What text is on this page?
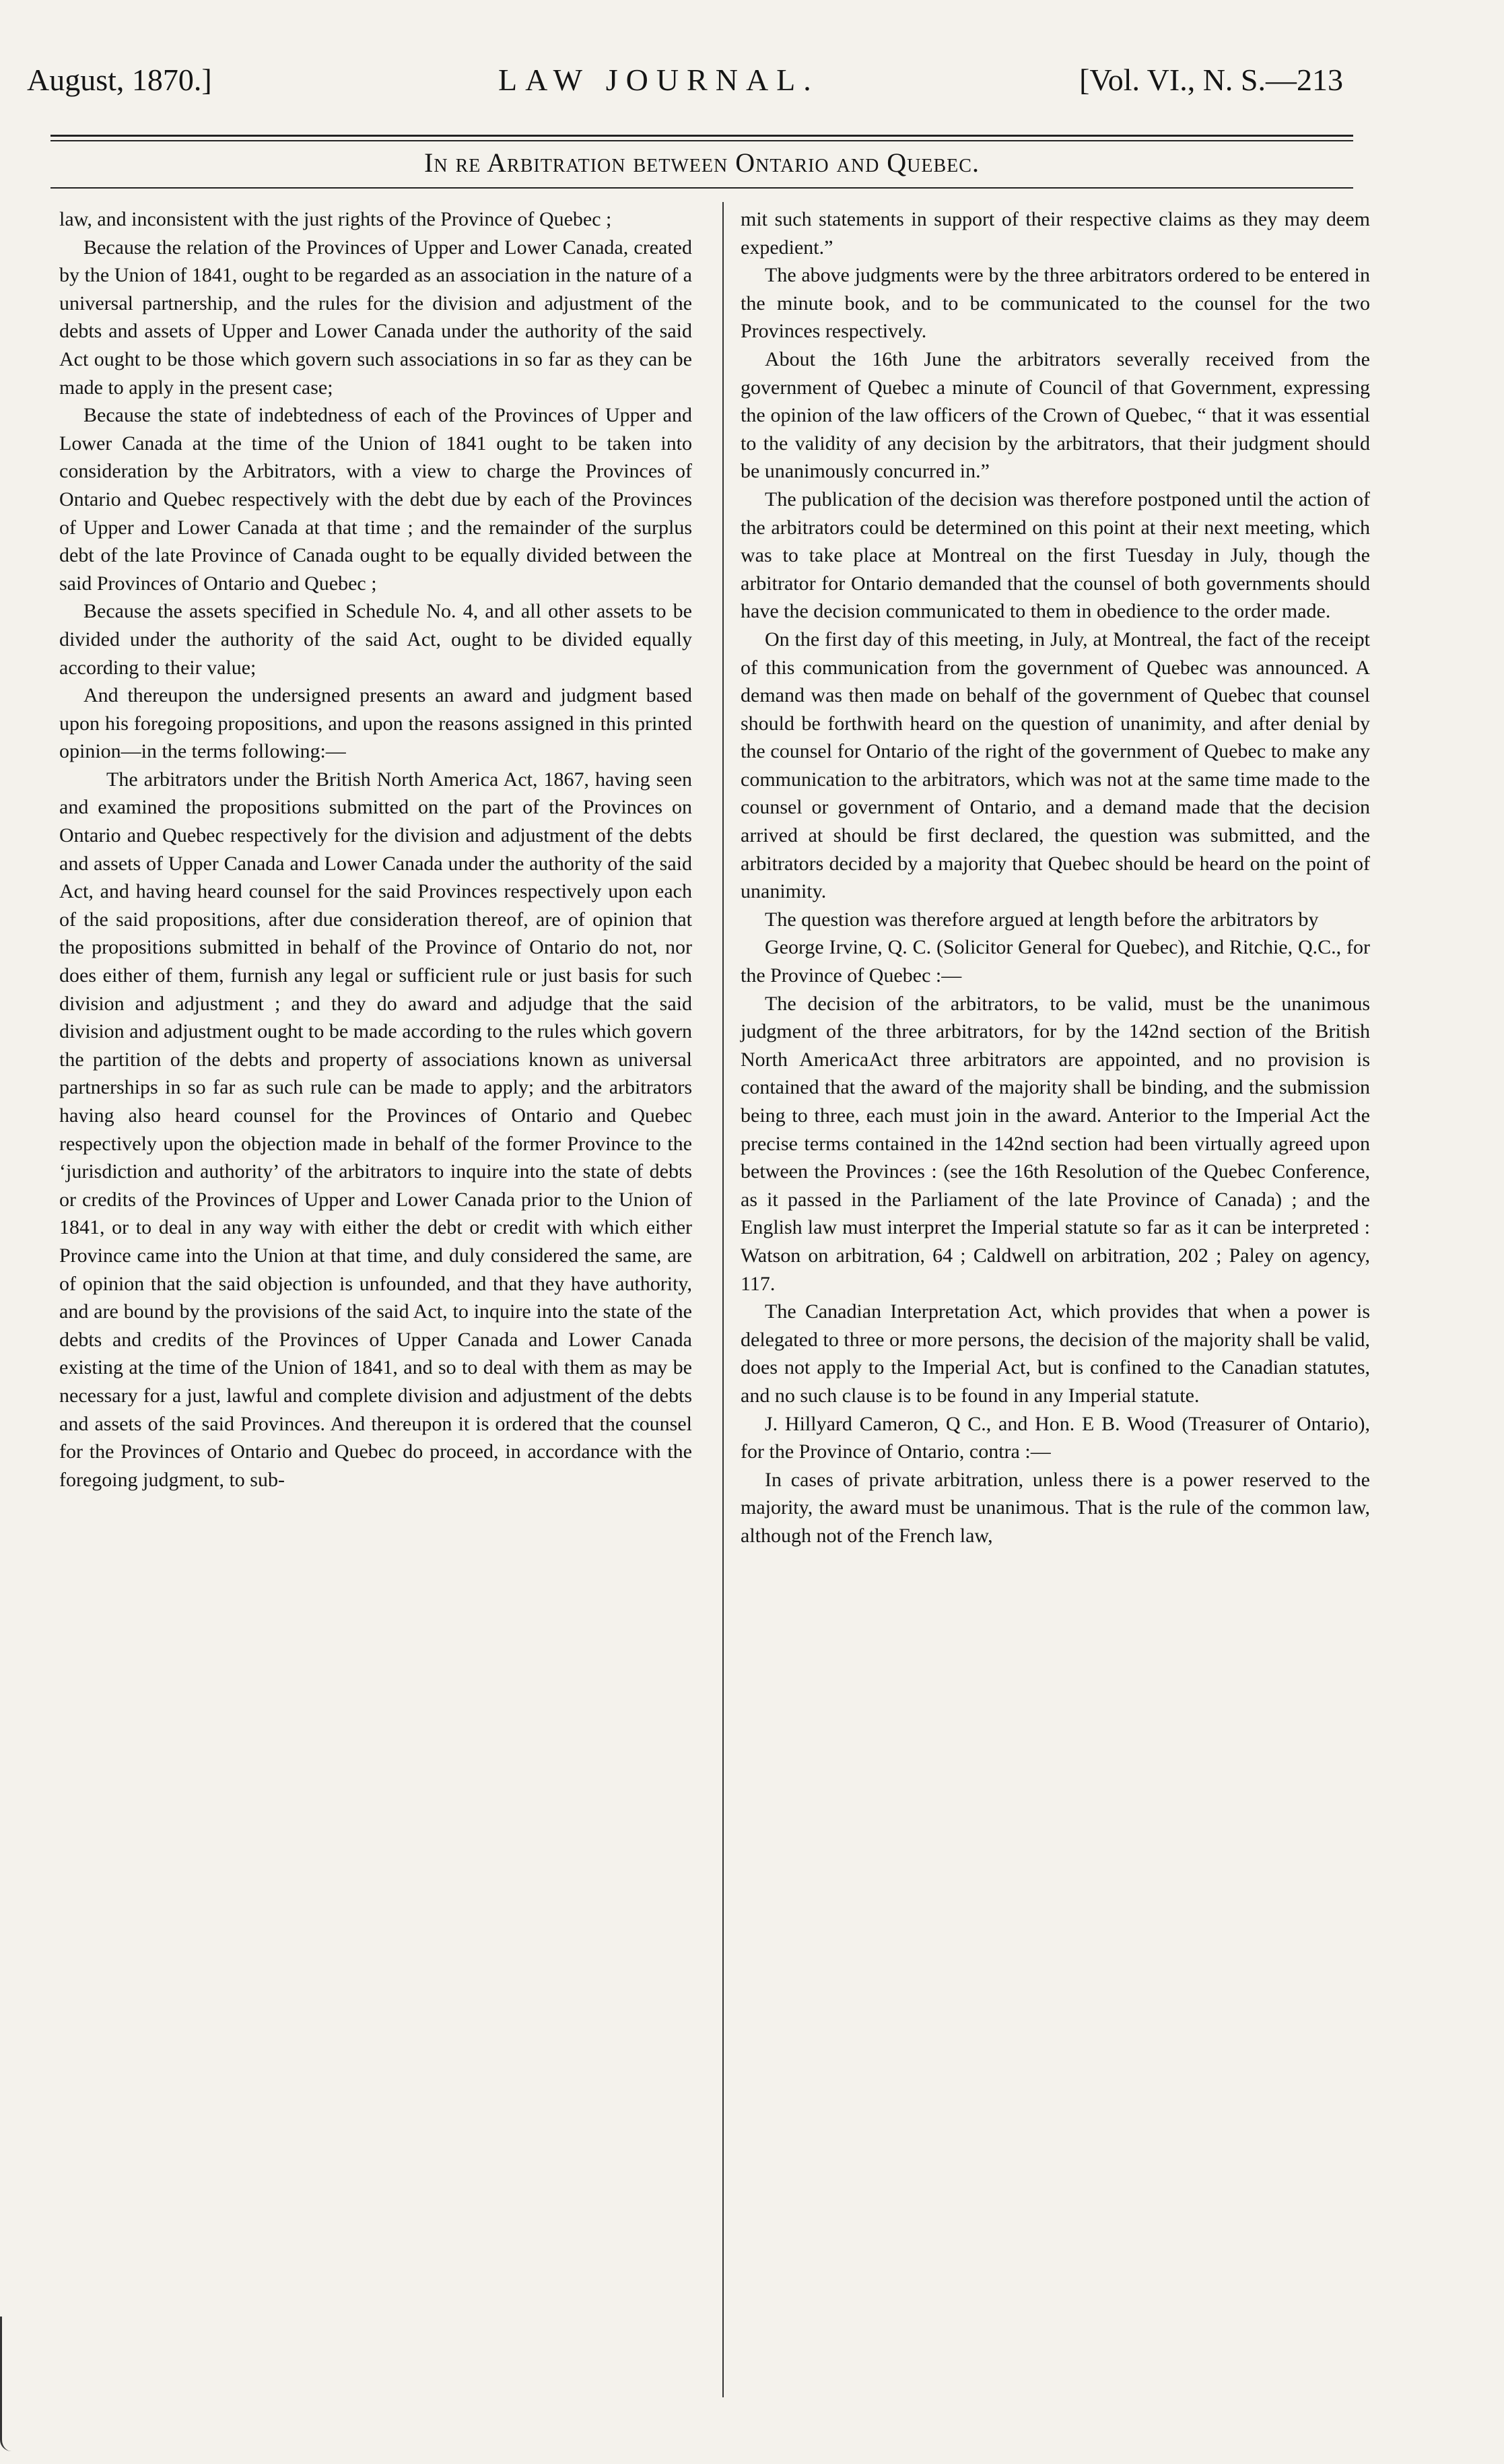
August, 1870.]	LAW JOURNAL.	[Vol. VI., N. S.—213
In re Arbitration between Ontario and Quebec.

law, and inconsistent with the just rights of the Province of Quebec ;

Because the relation of the Provinces of Upper and Lower Canada, created by the Union of 1841, ought to be regarded as an association in the nature of a universal partnership, and the rules for the division and adjustment of the debts and assets of Upper and Lower Canada under the authority of the said Act ought to be those which govern such associations in so far as they can be made to apply in the present case;

Because the state of indebtedness of each of the Provinces of Upper and Lower Canada at the time of the Union of 1841 ought to be taken into consideration by the Arbitrators, with a view to charge the Provinces of Ontario and Quebec respectively with the debt due by each of the Provinces of Upper and Lower Canada at that time ; and the remainder of the surplus debt of the late Province of Canada ought to be equally divided between the said Provinces of Ontario and Quebec ;

Because the assets specified in Schedule No. 4, and all other assets to be divided under the authority of the said Act, ought to be divided equally according to their value;

And thereupon the undersigned presents an award and judgment based upon his foregoing propositions, and upon the reasons assigned in this printed opinion—in the terms following:—

The arbitrators under the British North America Act, 1867, having seen and examined the propositions submitted on the part of the Provinces on Ontario and Quebec respectively for the division and adjustment of the debts and assets of Upper Canada and Lower Canada under the authority of the said Act, and having heard counsel for the said Provinces respectively upon each of the said propositions, after due consideration thereof, are of opinion that the propositions submitted in behalf of the Province of Ontario do not, nor does either of them, furnish any legal or sufficient rule or just basis for such division and adjustment ; and they do award and adjudge that the said division and adjustment ought to be made according to the rules which govern the partition of the debts and property of associations known as universal partnerships in so far as such rule can be made to apply; and the arbitrators having also heard counsel for the Provinces of Ontario and Quebec respectively upon the objection made in behalf of the former Province to the ‘jurisdiction and authority’ of the arbitrators to inquire into the state of debts or credits of the Provinces of Upper and Lower Canada prior to the Union of 1841, or to deal in any way with either the debt or credit with which either Province came into the Union at that time, and duly considered the same, are of opinion that the said objection is unfounded, and that they have authority, and are bound by the provisions of the said Act, to inquire into the state of the debts and credits of the Provinces of Upper Canada and Lower Canada existing at the time of the Union of 1841, and so to deal with them as may be necessary for a just, lawful and complete division and adjustment of the debts and assets of the said Provinces. And thereupon it is ordered that the counsel for the Provinces of Ontario and Quebec do proceed, in accordance with the foregoing judgment, to sub-

mit such statements in support of their respective claims as they may deem expedient.”

The above judgments were by the three arbitrators ordered to be entered in the minute book, and to be communicated to the counsel for the two Provinces respectively.

About the 16th June the arbitrators severally received from the government of Quebec a minute of Council of that Government, expressing the opinion of the law officers of the Crown of Quebec, “ that it was essential to the validity of any decision by the arbitrators, that their judgment should be unanimously concurred in.”

The publication of the decision was therefore postponed until the action of the arbitrators could be determined on this point at their next meeting, which was to take place at Montreal on the first Tuesday in July, though the arbitrator for Ontario demanded that the counsel of both governments should have the decision communicated to them in obedience to the order made.

On the first day of this meeting, in July, at Montreal, the fact of the receipt of this communication from the government of Quebec was announced. A demand was then made on behalf of the government of Quebec that counsel should be forthwith heard on the question of unanimity, and after denial by the counsel for Ontario of the right of the government of Quebec to make any communication to the arbitrators, which was not at the same time made to the counsel or government of Ontario, and a demand made that the decision arrived at should be first declared, the question was submitted, and the arbitrators decided by a majority that Quebec should be heard on the point of unanimity.

The question was therefore argued at length before the arbitrators by

George Irvine, Q. C. (Solicitor General for Quebec), and Ritchie, Q.C., for the Province of Quebec :—

The decision of the arbitrators, to be valid, must be the unanimous judgment of the three arbitrators, for by the 142nd section of the British North AmericaAct three arbitrators are appointed, and no provision is contained that the award of the majority shall be binding, and the submission being to three, each must join in the award. Anterior to the Imperial Act the precise terms contained in the 142nd section had been virtually agreed upon between the Provinces : (see the 16th Resolution of the Quebec Conference, as it passed in the Parliament of the late Province of Canada) ; and the English law must interpret the Imperial statute so far as it can be interpreted : Watson on arbitration, 64 ; Caldwell on arbitration, 202 ; Paley on agency, 117.

The Canadian Interpretation Act, which provides that when a power is delegated to three or more persons, the decision of the majority shall be valid, does not apply to the Imperial Act, but is confined to the Canadian statutes, and no such clause is to be found in any Imperial statute.

J. Hillyard Cameron, Q C., and Hon. E B. Wood (Treasurer of Ontario), for the Province of Ontario, contra :—

In cases of private arbitration, unless there is a power reserved to the majority, the award must be unanimous. That is the rule of the common law, although not of the French law,
